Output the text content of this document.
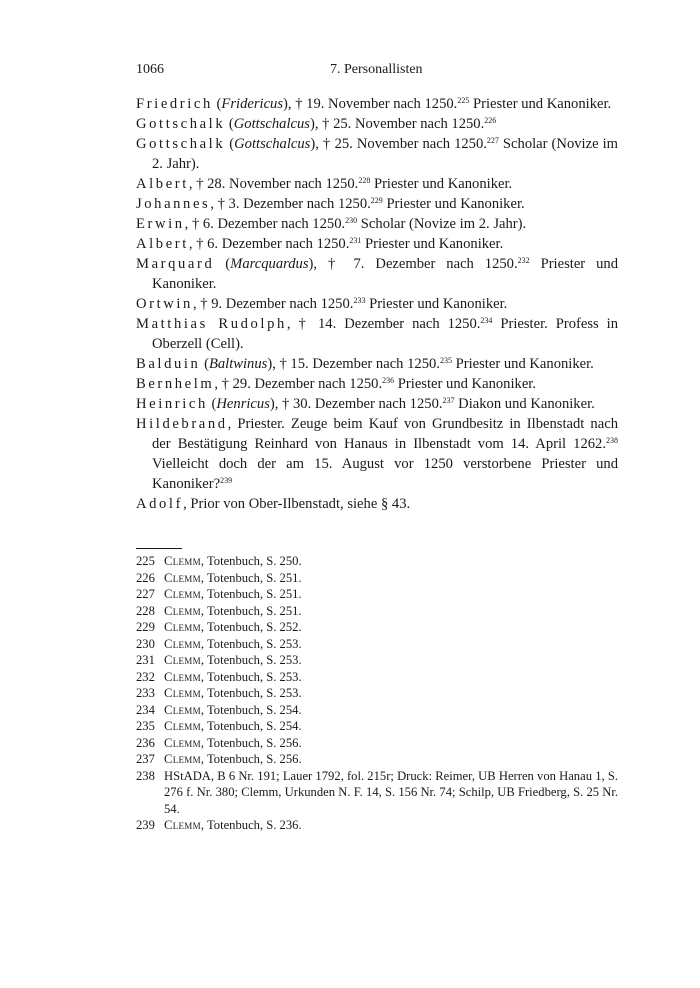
1066	7. Personallisten

Friedrich (Fridericus), † 19. November nach 1250.$^{225}$ Priester und Kanoniker.

Gottschalk (Gottschalcus), † 25. November nach 1250.$^{226}$

Gottschalk (Gottschalcus), † 25. November nach 1250.$^{227}$ Scholar (Novize im 2. Jahr).

Albert, † 28. November nach 1250.$^{228}$ Priester und Kanoniker.

Johannes, † 3. Dezember nach 1250.$^{229}$ Priester und Kanoniker.

Erwin, † 6. Dezember nach 1250.$^{230}$ Scholar (Novize im 2. Jahr).

Albert, † 6. Dezember nach 1250.$^{231}$ Priester und Kanoniker.

Marquard (Marcquardus), † 7. Dezember nach 1250.$^{232}$ Priester und Kanoniker.

Ortwin, † 9. Dezember nach 1250.$^{233}$ Priester und Kanoniker.

Matthias Rudolph, † 14. Dezember nach 1250.$^{234}$ Priester. Profess in Oberzell (Cell).

Balduin (Baltwinus), † 15. Dezember nach 1250.$^{235}$ Priester und Kanoniker.

Bernhelm, † 29. Dezember nach 1250.$^{236}$ Priester und Kanoniker.

Heinrich (Henricus), † 30. Dezember nach 1250.$^{237}$ Diakon und Kanoniker.

Hildebrand, Priester. Zeuge beim Kauf von Grundbesitz in Ilbenstadt nach der Bestätigung Reinhard von Hanaus in Ilbenstadt vom 14. April 1262.$^{238}$ Vielleicht doch der am 15. August vor 1250 verstorbene Priester und Kanoniker?$^{239}$

Adolf, Prior von Ober-Ilbenstadt, siehe § 43.

225 Clemm, Totenbuch, S. 250.
226 Clemm, Totenbuch, S. 251.
227 Clemm, Totenbuch, S. 251.
228 Clemm, Totenbuch, S. 251.
229 Clemm, Totenbuch, S. 252.
230 Clemm, Totenbuch, S. 253.
231 Clemm, Totenbuch, S. 253.
232 Clemm, Totenbuch, S. 253.
233 Clemm, Totenbuch, S. 253.
234 Clemm, Totenbuch, S. 254.
235 Clemm, Totenbuch, S. 254.
236 Clemm, Totenbuch, S. 256.
237 Clemm, Totenbuch, S. 256.
238 HStADA, B 6 Nr. 191; Lauer 1792, fol. 215r; Druck: Reimer, UB Herren von Hanau 1, S. 276 f. Nr. 380; Clemm, Urkunden N. F. 14, S. 156 Nr. 74; Schilp, UB Friedberg, S. 25 Nr. 54.
239 Clemm, Totenbuch, S. 236.
